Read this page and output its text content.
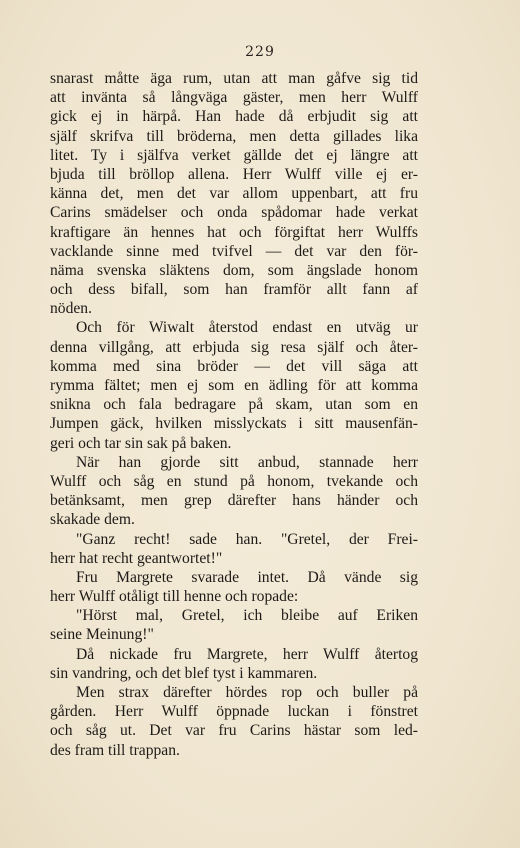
229
snarast måtte äga rum, utan att man gåfve sig tid
att invänta så långväga gäster, men herr Wulff
gick ej in härpå. Han hade då erbjudit sig att
själf skrifva till bröderna, men detta gillades lika
litet. Ty i själfva verket gällde det ej längre att
bjuda till bröllop allena. Herr Wulff ville ej er-
känna det, men det var allom uppenbart, att fru
Carins smädelser och onda spådomar hade verkat
kraftigare än hennes hat och förgiftat herr Wulffs
vacklande sinne med tvifvel — det var den för-
näma svenska släktens dom, som ängslade honom
och dess bifall, som han framför allt fann af
nöden.
Och för Wiwalt återstod endast en utväg ur
denna villgång, att erbjuda sig resa själf och åter-
komma med sina bröder — det vill säga att
rymma fältet; men ej som en ädling för att komma
snikna och fala bedragare på skam, utan som en
Jumpen gäck, hvilken misslyckats i sitt mausenfän-
geri och tar sin sak på baken.
När han gjorde sitt anbud, stannade herr
Wulff och såg en stund på honom, tvekande och
betänksamt, men grep därefter hans händer och
skakade dem.
"Ganz recht! sade han. "Gretel, der Frei-
herr hat recht geantwortet!"
Fru Margrete svarade intet. Då vände sig
herr Wulff otåligt till henne och ropade:
"Hörst mal, Gretel, ich bleibe auf Eriken
seine Meinung!"
Då nickade fru Margrete, herr Wulff återtog
sin vandring, och det blef tyst i kammaren.
Men strax därefter hördes rop och buller på
gården. Herr Wulff öppnade luckan i fönstret
och såg ut. Det var fru Carins hästar som led-
des fram till trappan.
